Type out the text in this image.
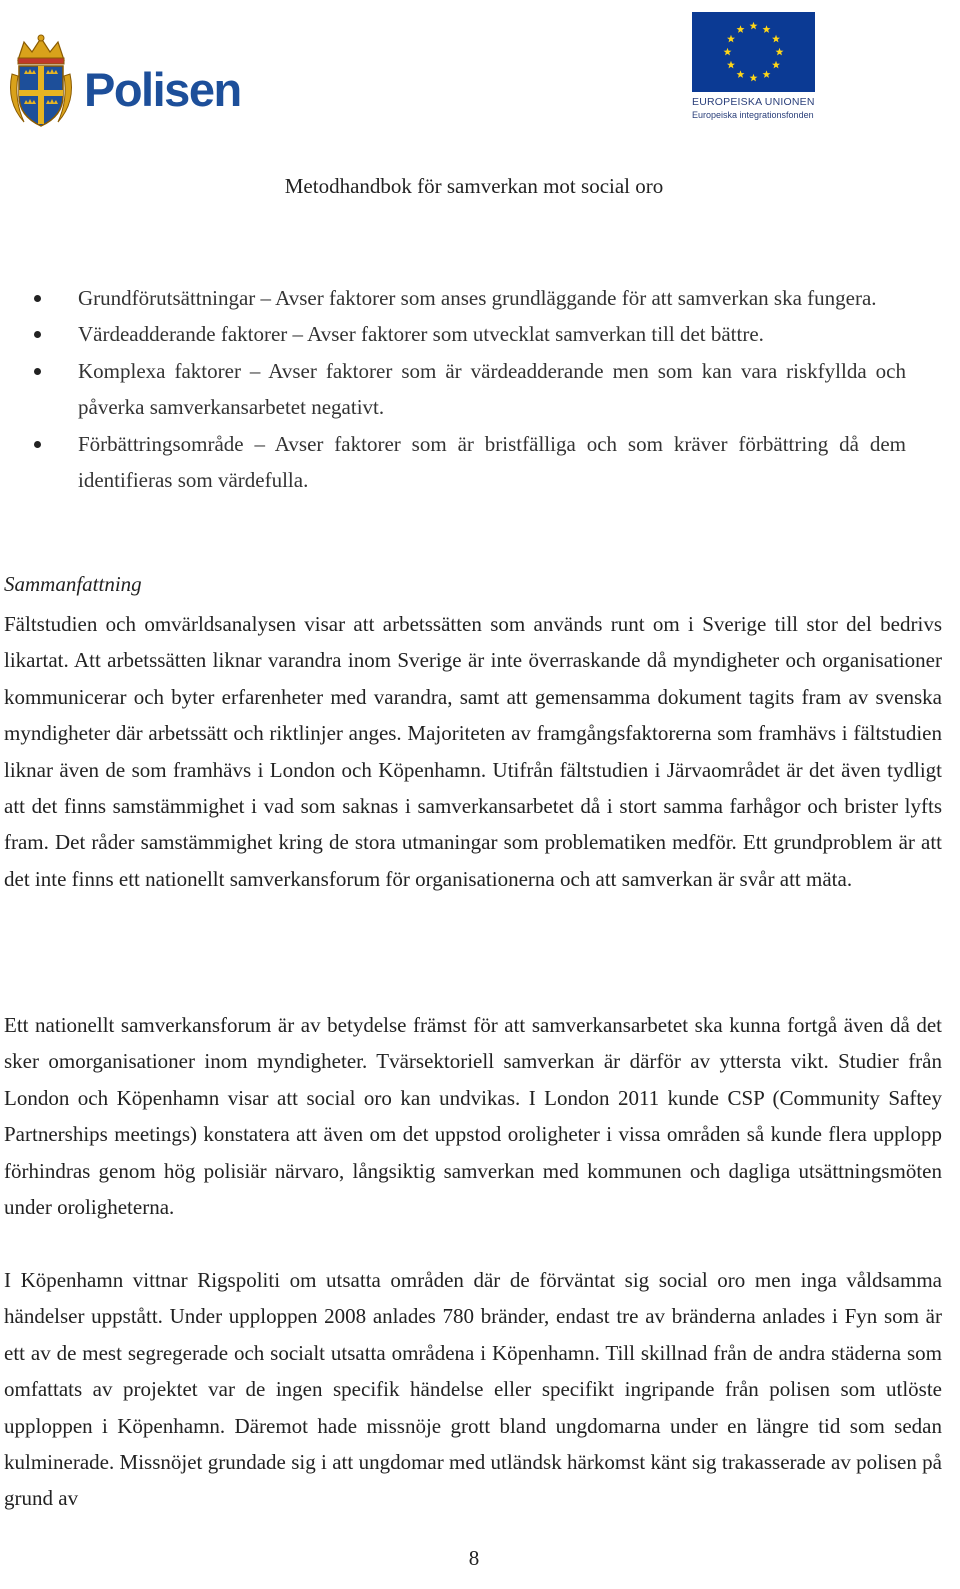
Polisen	EUROPEISKA UNIONEN
Europeiska integrationsfonden
Metodhandbok för samverkan mot social oro
Grundförutsättningar – Avser faktorer som anses grundläggande för att samverkan ska fungera.
Värdeadderande faktorer – Avser faktorer som utvecklat samverkan till det bättre.
Komplexa faktorer – Avser faktorer som är värdeadderande men som kan vara riskfyllda och påverka samverkansarbetet negativt.
Förbättringsområde – Avser faktorer som är bristfälliga och som kräver förbättring då dem identifieras som värdefulla.
Sammanfattning

Fältstudien och omvärldsanalysen visar att arbetssätten som används runt om i Sverige till stor del bedrivs likartat. Att arbetssätten liknar varandra inom Sverige är inte överraskande då myndigheter och organisationer kommunicerar och byter erfarenheter med varandra, samt att gemensamma dokument tagits fram av svenska myndigheter där arbetssätt och riktlinjer anges. Majoriteten av framgångsfaktorerna som framhävs i fältstudien liknar även de som framhävs i London och Köpenhamn. Utifrån fältstudien i Järvaområdet är det även tydligt att det finns samstämmighet i vad som saknas i samverkansarbetet då i stort samma farhågor och brister lyfts fram. Det råder samstämmighet kring de stora utmaningar som problematiken medför. Ett grundproblem är att det inte finns ett nationellt samverkansforum för organisationerna och att samverkan är svår att mäta.

Ett nationellt samverkansforum är av betydelse främst för att samverkansarbetet ska kunna fortgå även då det sker omorganisationer inom myndigheter. Tvärsektoriell samverkan är därför av yttersta vikt. Studier från London och Köpenhamn visar att social oro kan undvikas. I London 2011 kunde CSP (Community Saftey Partnerships meetings) konstatera att även om det uppstod oroligheter i vissa områden så kunde flera upplopp förhindras genom hög polisiär närvaro, långsiktig samverkan med kommunen och dagliga utsättningsmöten under oroligheterna.

I Köpenhamn vittnar Rigspoliti om utsatta områden där de förväntat sig social oro men inga våldsamma händelser uppstått. Under upploppen 2008 anlades 780 bränder, endast tre av bränderna anlades i Fyn som är ett av de mest segregerade och socialt utsatta områdena i Köpenhamn. Till skillnad från de andra städerna som omfattats av projektet var de ingen specifik händelse eller specifikt ingripande från polisen som utlöste upploppen i Köpenhamn. Däremot hade missnöje grott bland ungdomarna under en längre tid som sedan kulminerade. Missnöjet grundade sig i att ungdomar med utländsk härkomst känt sig trakasserade av polisen på grund av

8
